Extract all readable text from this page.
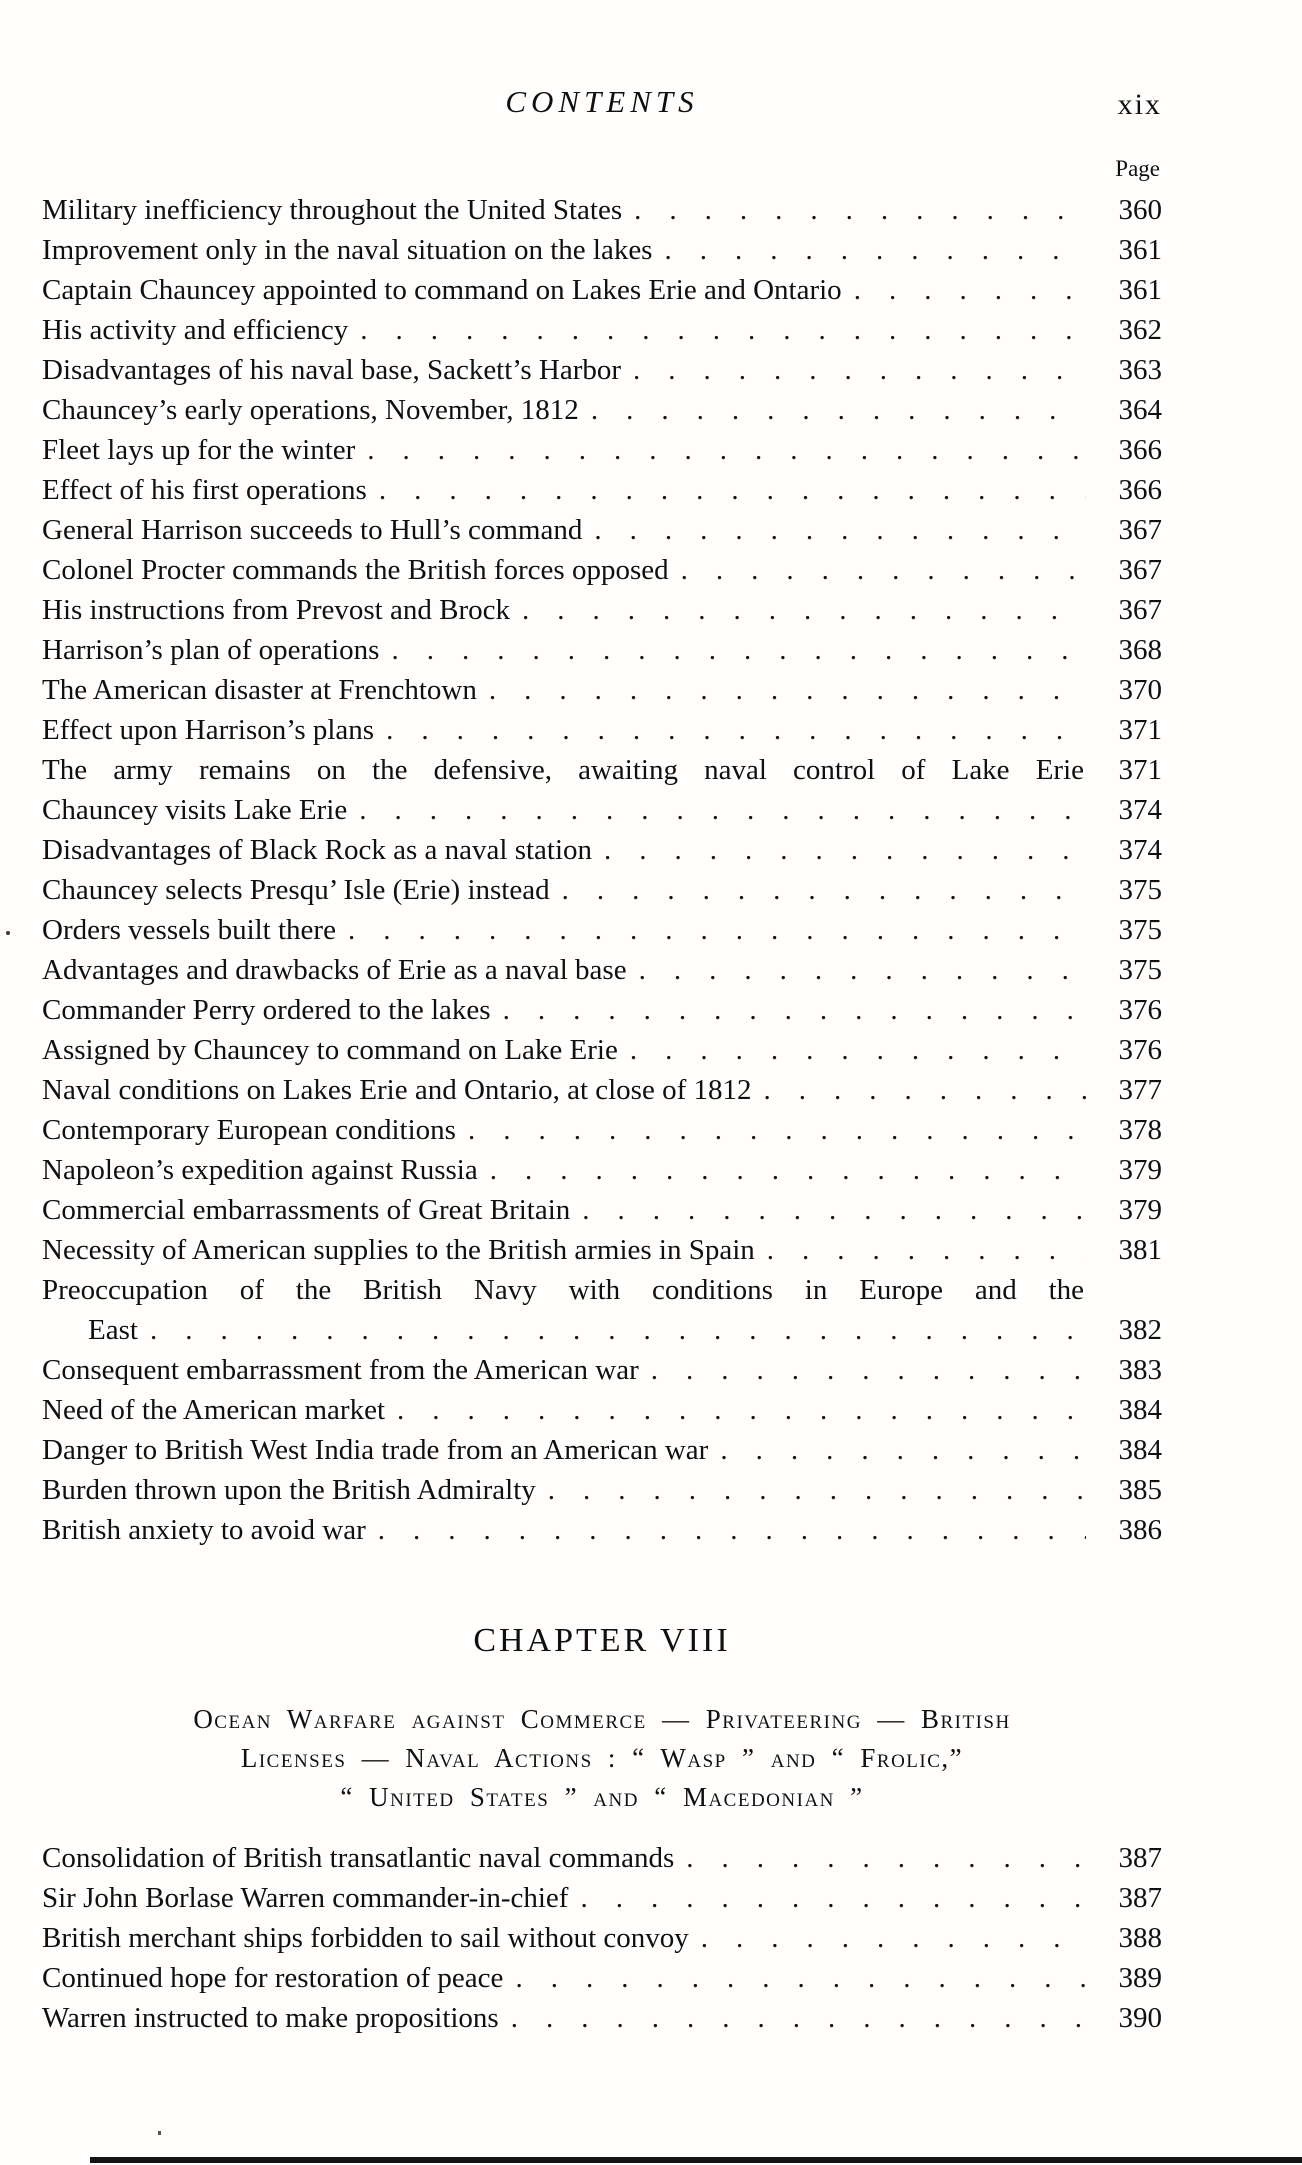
CONTENTS	xix
Page
Military inefficiency throughout the United States .....	360
Improvement only in the naval situation on the lakes .....	361
Captain Chauncey appointed to command on Lakes Erie and Ontario .....	361
His activity and efficiency .....	362
Disadvantages of his naval base, Sackett’s Harbor .....	363
Chauncey’s early operations, November, 1812 .....	364
Fleet lays up for the winter .....	366
Effect of his first operations .....	366
General Harrison succeeds to Hull’s command .....	367
Colonel Procter commands the British forces opposed .....	367
His instructions from Prevost and Brock .....	367
Harrison’s plan of operations .....	368
The American disaster at Frenchtown .....	370
Effect upon Harrison’s plans .....	371
The army remains on the defensive, awaiting naval control of Lake Erie	371
Chauncey visits Lake Erie .....	374
Disadvantages of Black Rock as a naval station .....	374
Chauncey selects Presqu’ Isle (Erie) instead .....	375
Orders vessels built there .....	375
Advantages and drawbacks of Erie as a naval base .....	375
Commander Perry ordered to the lakes .....	376
Assigned by Chauncey to command on Lake Erie .....	376
Naval conditions on Lakes Erie and Ontario, at close of 1812 .....	377
Contemporary European conditions .....	378
Napoleon’s expedition against Russia .....	379
Commercial embarrassments of Great Britain .....	379
Necessity of American supplies to the British armies in Spain .....	381
Preoccupation of the British Navy with conditions in Europe and the
East .....	382
Consequent embarrassment from the American war .....	383
Need of the American market .....	384
Danger to British West India trade from an American war .....	384
Burden thrown upon the British Admiralty .....	385
British anxiety to avoid war .....	386
CHAPTER VIII
Ocean Warfare against Commerce — Privateering — British
Licenses — Naval Actions : “ Wasp ” and “ Frolic,”
“ United States ” and “ Macedonian ”
Consolidation of British transatlantic naval commands .....	387
Sir John Borlase Warren commander-in-chief .....	387
British merchant ships forbidden to sail without convoy .....	388
Continued hope for restoration of peace .....	389
Warren instructed to make propositions .....	390
